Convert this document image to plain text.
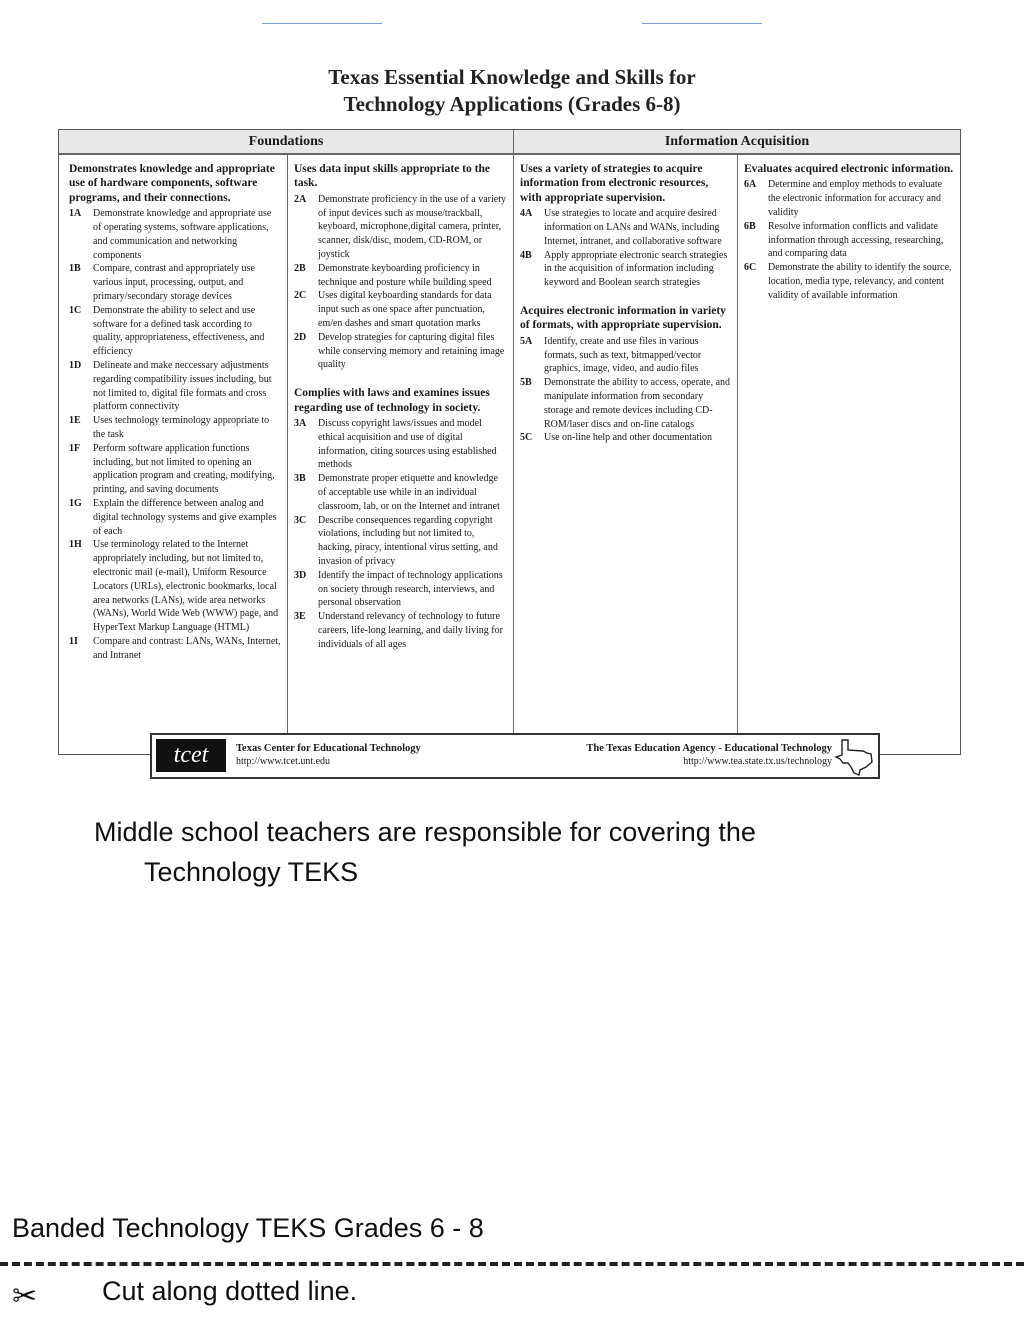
Texas Essential Knowledge and Skills for
Technology Applications (Grades 6-8)
Foundations	Information Acquisition
Demonstrates knowledge and appropriate use of hardware components, software programs, and their connections.
1A	Demonstrate knowledge and appropriate use of operating systems, software applications, and communication and networking components
1B	Compare, contrast and appropriately use various input, processing, output, and primary/secondary storage devices
1C	Demonstrate the ability to select and use software for a defined task according to quality, appropriateness, effectiveness, and efficiency
1D	Delineate and make neccessary adjustments regarding compatibility issues including, but not limited to, digital file formats and cross platform connectivity
1E	Uses technology terminology appropriate to the task
1F	Perform software application functions including, but not limited to opening an application program and creating, modifying, printing, and saving documents
1G	Explain the difference between analog and digital technology systems and give examples of each
1H	Use terminology related to the Internet appropriately including, but not limited to, electronic mail (e-mail), Uniform Resource Locators (URLs), electronic bookmarks, local area networks (LANs), wide area networks (WANs), World Wide Web (WWW) page, and HyperText Markup Language (HTML)
1I	Compare and contrast: LANs, WANs, Internet, and Intranet
Uses data input skills appropriate to the task.
2A	Demonstrate proficiency in the use of a variety of input devices such as mouse/trackball, keyboard, microphone,digital camera, printer, scanner, disk/disc, modem, CD-ROM, or joystick
2B	Demonstrate keyboarding proficiency in technique and posture while building speed
2C	Uses digital keyboarding standards for data input such as one space after punctuation, em/en dashes and smart quotation marks
2D	Develop strategies for capturing digital files while conserving memory and retaining image quality
Complies with laws and examines issues regarding use of technology in society.
3A	Discuss copyright laws/issues and model ethical acquisition and use of digital information, citing sources using established methods
3B	Demonstrate proper etiquette and knowledge of acceptable use while in an individual classroom, lab, or on the Internet and intranet
3C	Describe consequences regarding copyright violations, including but not limited to, hacking, piracy, intentional virus setting, and invasion of privacy
3D	Identify the impact of technology applications on society through research, interviews, and personal observation
3E	Understand relevancy of technology to future careers, life-long learning, and daily living for individuals of all ages
Uses a variety of strategies to acquire information from electronic resources, with appropriate supervision.
4A	Use strategies to locate and acquire desired information on LANs and WANs, including Internet, intranet, and collaborative software
4B	Apply appropriate electronic search strategies in the acquisition of information including keyword and Boolean search strategies
Acquires electronic information in variety of formats, with appropriate supervision.
5A	Identify, create and use files in various formats, such as text, bitmapped/vector graphics, image, video, and audio files
5B	Demonstrate the ability to access, operate, and manipulate information from secondary storage and remote devices including CD-ROM/laser discs and on-line catalogs
5C	Use on-line help and other documentation
Evaluates acquired electronic information.
6A	Determine and employ methods to evaluate the electronic information for accuracy and validity
6B	Resolve information conflicts and validate information through accessing, researching, and comparing data
6C	Demonstrate the ability to identify the source, location, media type, relevancy, and content validity of available information
tcet	Texas Center for Educational Technology
http://www.tcet.unt.edu
The Texas Education Agency - Educational Technology
http://www.tea.state.tx.us/technology
Middle school teachers are responsible for covering the
Technology TEKS
Banded Technology TEKS Grades 6 - 8
✂ Cut along dotted line.
